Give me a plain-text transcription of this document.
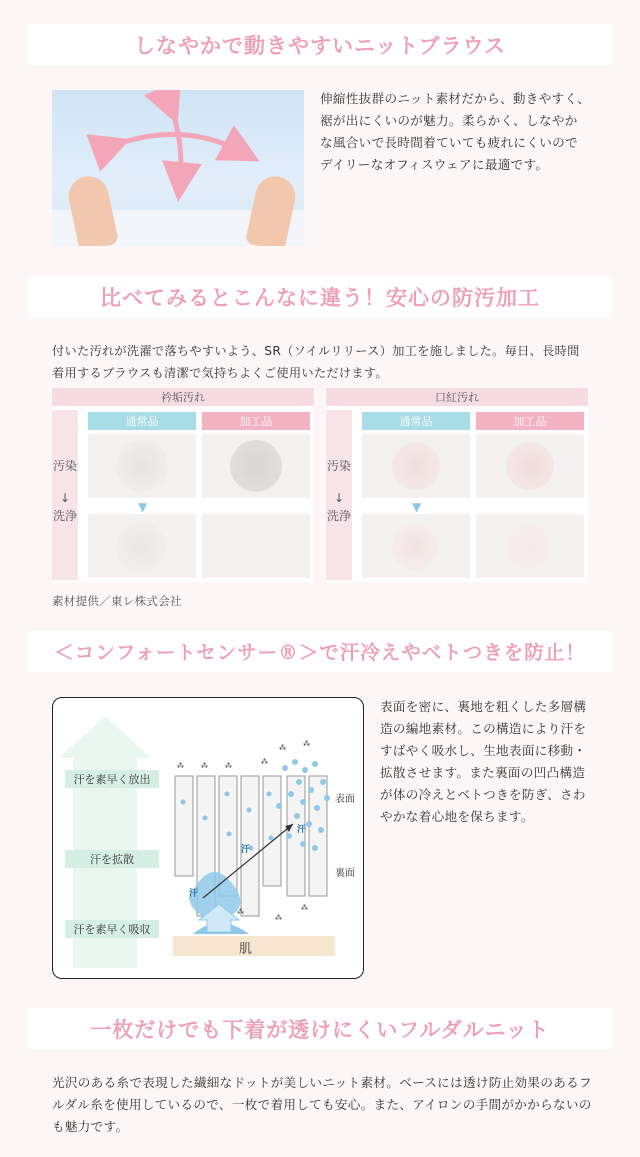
しなやかで動きやすいニットブラウス
伸縮性抜群のニット素材だから、動きやすく、裾が出にくいのが魅力。柔らかく、しなやかな風合いで長時間着ていても疲れにくいのでデイリーなオフィスウェアに最適です。
比べてみるとこんなに違う！安心の防汚加工
付いた汚れが洗濯で落ちやすいよう、SR（ソイルリリース）加工を施しました。毎日、長時間着用するブラウスも清潔で気持ちよくご使用いただけます。
衿垢汚れ
汚染
↓
洗浄
通常品	加工品
▼
口紅汚れ
汚染
↓
洗浄
通常品	加工品
▼
素材提供／東レ株式会社
＜コンフォートセンサー®＞で汗冷えやベトつきを防止！
⁂ ⁂ ⁂	⁂
⁂ ⁂
⁂
⁂
⁂
汗を素早く放出
汗を拡散
汗を素早く吸収
表面
裏面
肌
汗
汗
汗
表面を密に、裏地を粗くした多層構造の編地素材。この構造により汗をすばやく吸水し、生地表面に移動・拡散させます。また裏面の凹凸構造が体の冷えとベトつきを防ぎ、さわやかな着心地を保ちます。
一枚だけでも下着が透けにくいフルダルニット
光沢のある糸で表現した繊細なドットが美しいニット素材。ベースには透け防止効果のあるフルダル糸を使用しているので、一枚で着用しても安心。また、アイロンの手間がかからないのも魅力です。
